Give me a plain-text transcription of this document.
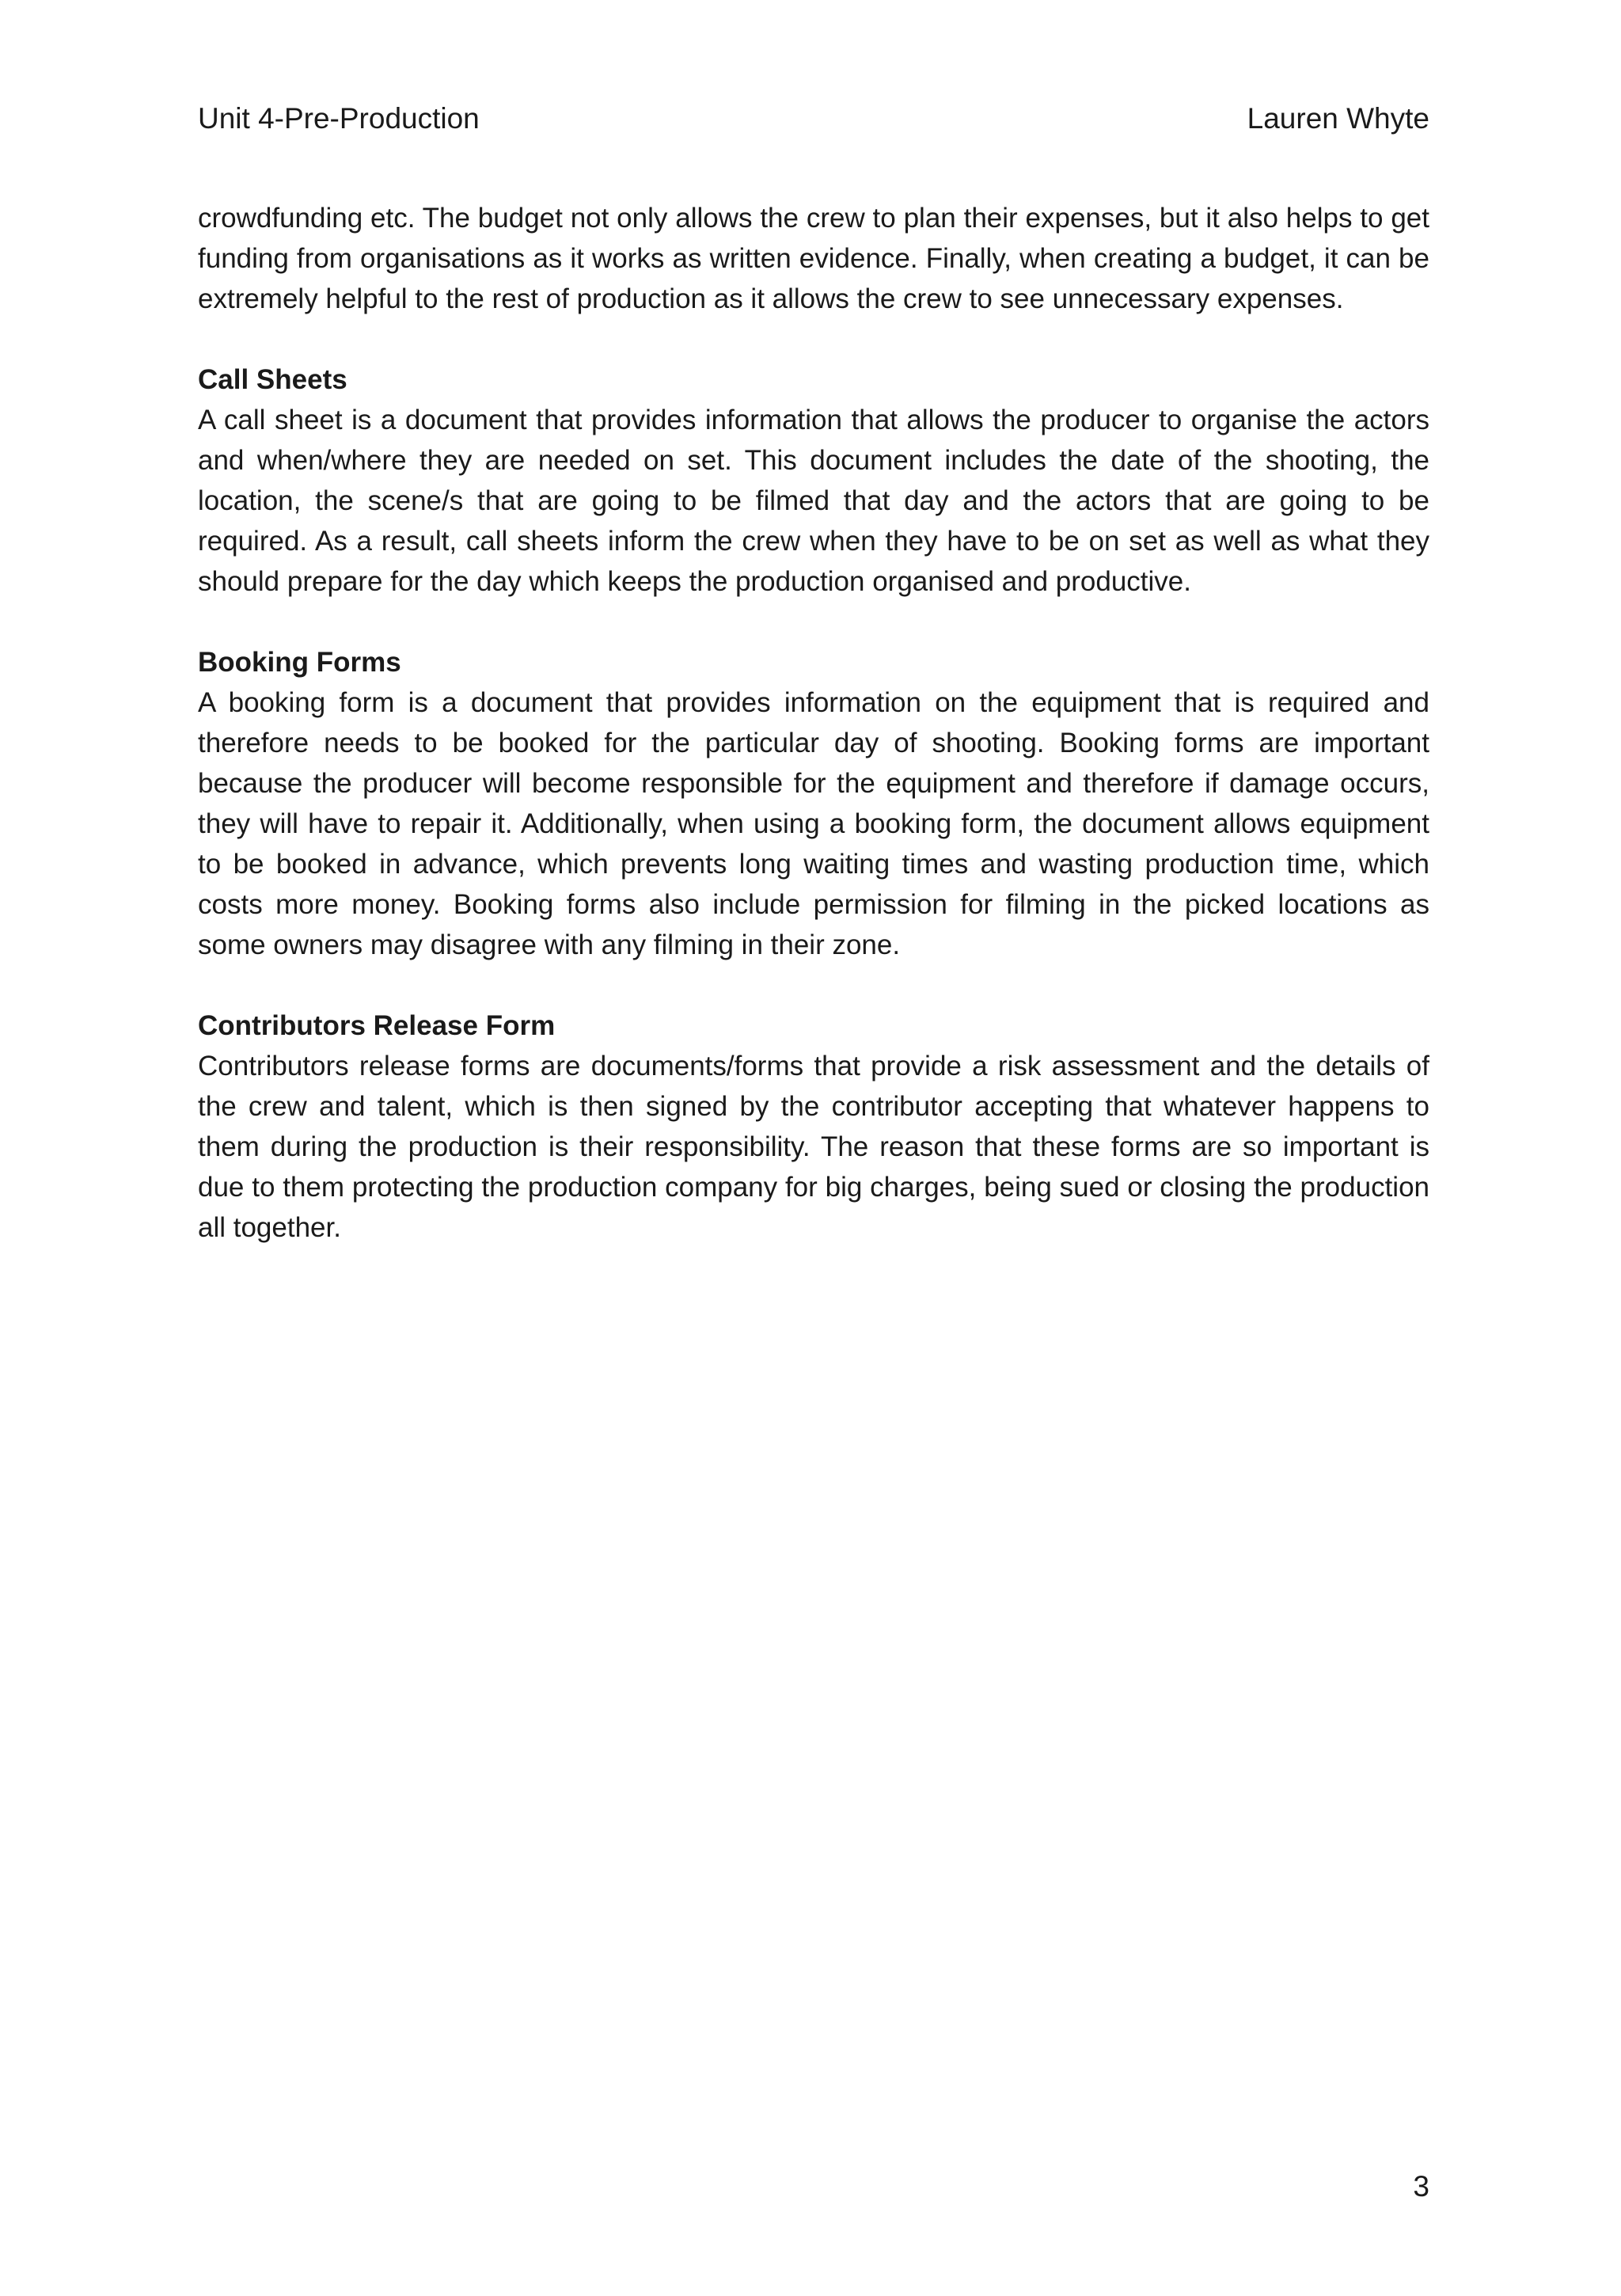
Unit 4-Pre-Production	Lauren Whyte

crowdfunding etc. The budget not only allows the crew to plan their expenses, but it also helps to get funding from organisations as it works as written evidence. Finally, when creating a budget, it can be extremely helpful to the rest of production as it allows the crew to see unnecessary expenses.

Call Sheets

A call sheet is a document that provides information that allows the producer to organise the actors and when/where they are needed on set. This document includes the date of the shooting, the location, the scene/s that are going to be filmed that day and the actors that are going to be required. As a result, call sheets inform the crew when they have to be on set as well as what they should prepare for the day which keeps the production organised and productive.

Booking Forms

A booking form is a document that provides information on the equipment that is required and therefore needs to be booked for the particular day of shooting. Booking forms are important because the producer will become responsible for the equipment and therefore if damage occurs, they will have to repair it. Additionally, when using a booking form, the document allows equipment to be booked in advance, which prevents long waiting times and wasting production time, which costs more money. Booking forms also include permission for filming in the picked locations as some owners may disagree with any filming in their zone.

Contributors Release Form

Contributors release forms are documents/forms that provide a risk assessment and the details of the crew and talent, which is then signed by the contributor accepting that whatever happens to them during the production is their responsibility. The reason that these forms are so important is due to them protecting the production company for big charges, being sued or closing the production all together.

3
